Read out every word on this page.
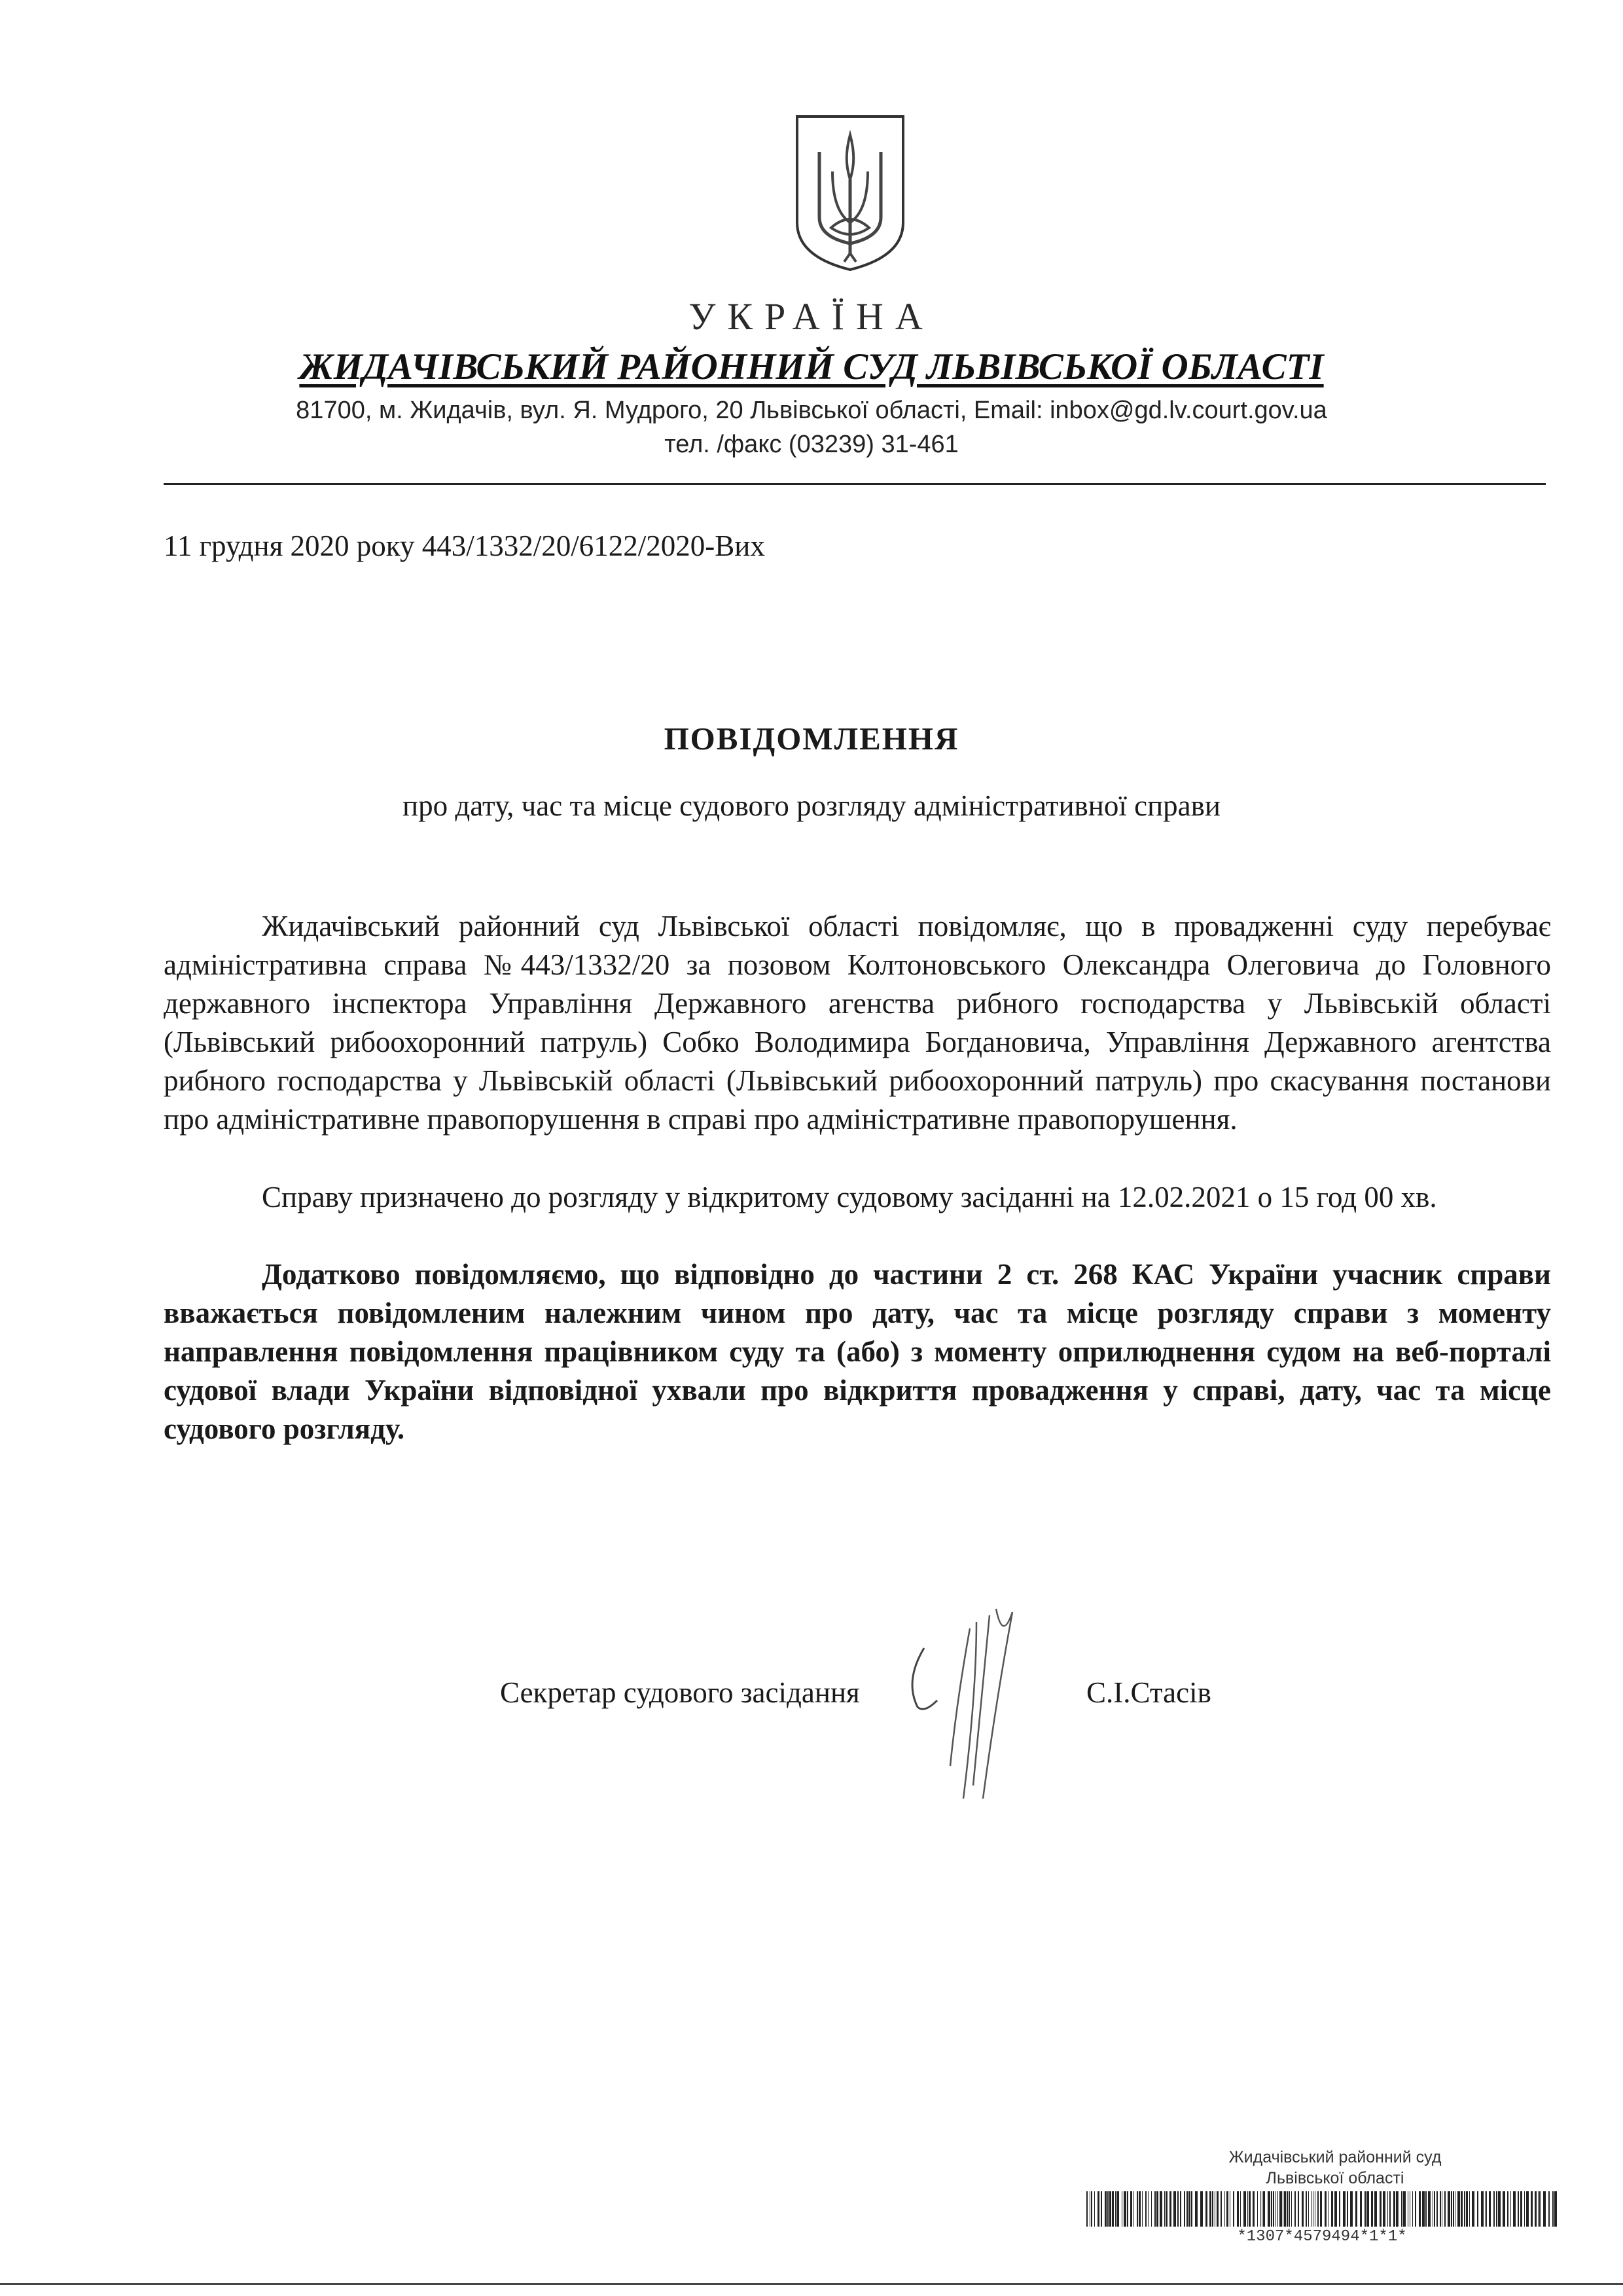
УКРАЇНА
ЖИДАЧІВСЬКИЙ РАЙОННИЙ СУД ЛЬВІВСЬКОЇ ОБЛАСТІ
81700, м. Жидачів, вул. Я. Мудрого, 20 Львівської області, Email: inbox@gd.lv.court.gov.ua
тел. /факс (03239) 31-461
11 грудня 2020 року 443/1332/20/6122/2020-Вих
ПОВІДОМЛЕННЯ
про дату, час та місце судового розгляду адміністративної справи
Жидачівський районний суд Львівської області повідомляє, що в провадженні суду перебуває адміністративна справа №443/1332/20 за позовом Колтоновського Олександра Олеговича до Головного державного інспектора Управління Державного агенства рибного господарства у Львівській області (Львівський рибоохоронний патруль) Собко Володимира Богдановича, Управління Державного агентства рибного господарства у Львівській області (Львівський рибоохоронний патруль) про скасування постанови про адміністративне правопорушення в справі про адміністративне правопорушення.
Справу призначено до розгляду у відкритому судовому засіданні на 12.02.2021 о 15 год 00 хв.
Додатково повідомляємо, що відповідно до частини 2 ст. 268 КАС України учасник справи вважається повідомленим належним чином про дату, час та місце розгляду справи з моменту направлення повідомлення працівником суду та (або) з моменту оприлюднення судом на веб-порталі судової влади України відповідної ухвали про відкриття провадження у справі, дату, час та місце судового розгляду.
Секретар судового засідання	С.І.Стасів
Жидачівський районний суд
Львівської області
*1307*4579494*1*1*
